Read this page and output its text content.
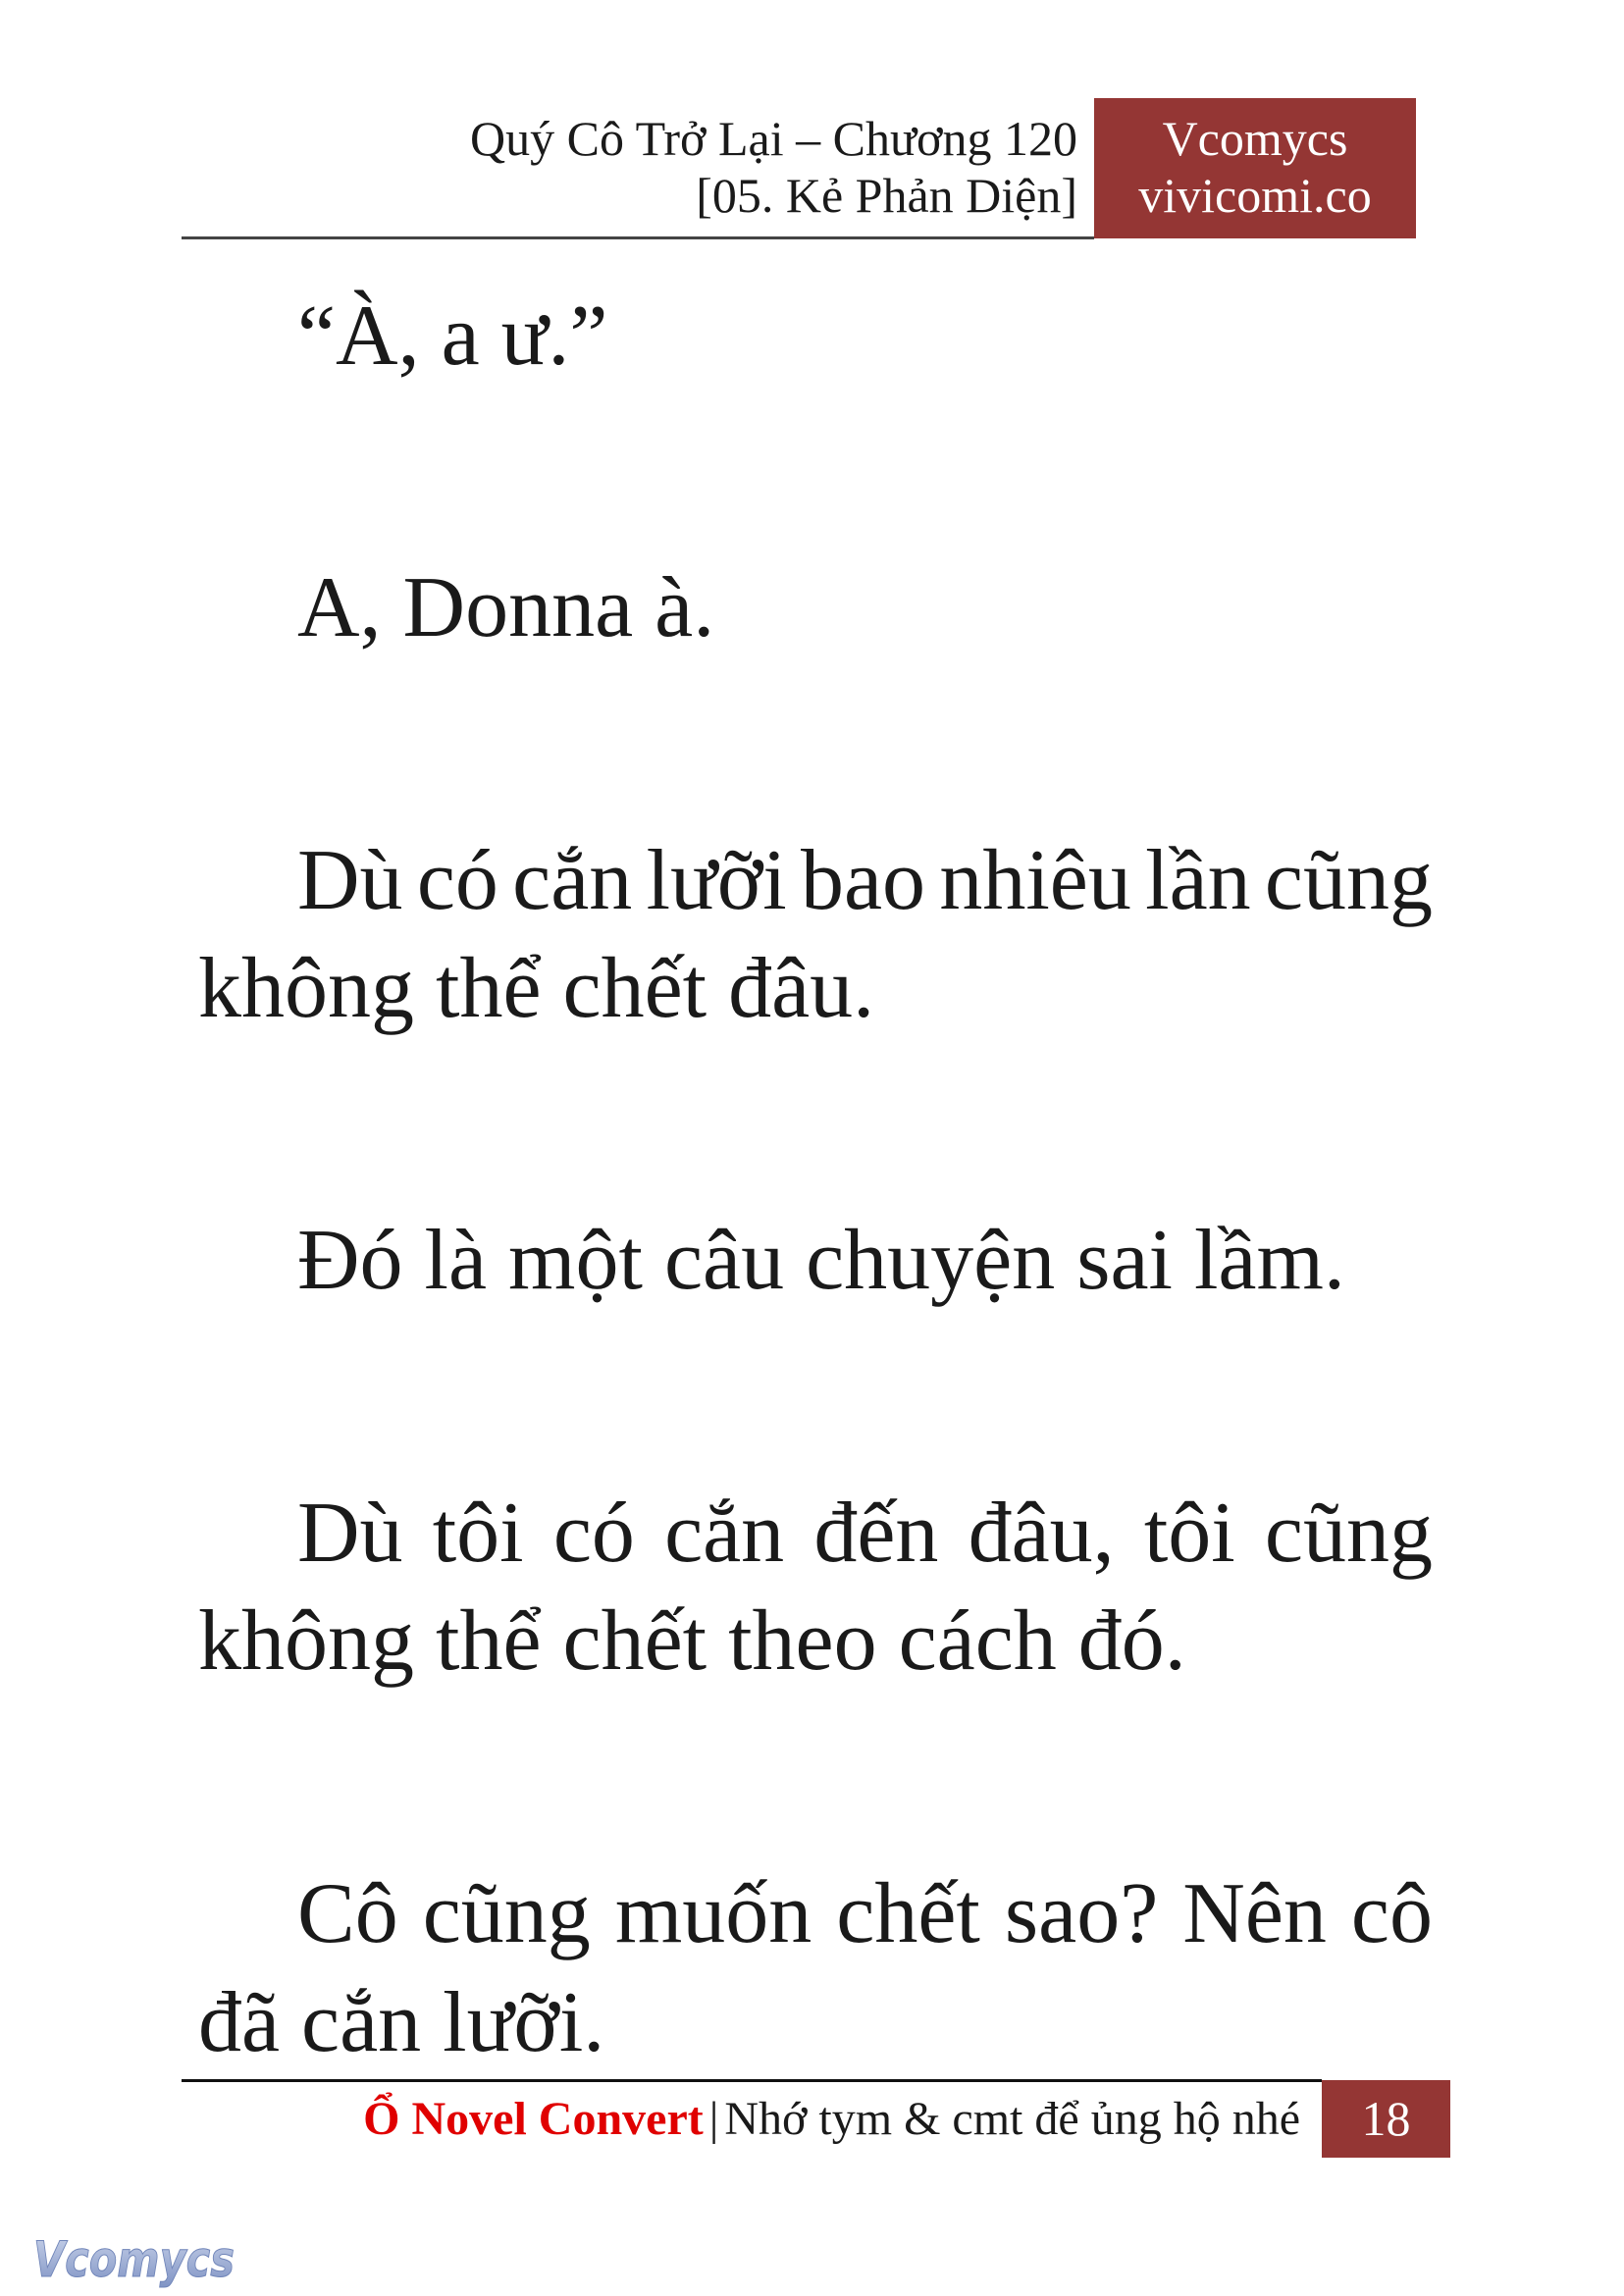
Quý Cô Trở Lại – Chương 120
[05. Kẻ Phản Diện]
Vcomycs
vivicomi.co
“À, a ư.”
A, Donna à.
Dù có cắn lưỡi bao nhiêu lần cũng
không thể chết đâu.
Đó là một câu chuyện sai lầm.
Dù tôi có cắn đến đâu, tôi cũng
không thể chết theo cách đó.
Cô cũng muốn chết sao? Nên cô
đã cắn lưỡi.
Ổ Novel Convert | Nhớ tym & cmt để ủng hộ nhé	18
Vcomycs
